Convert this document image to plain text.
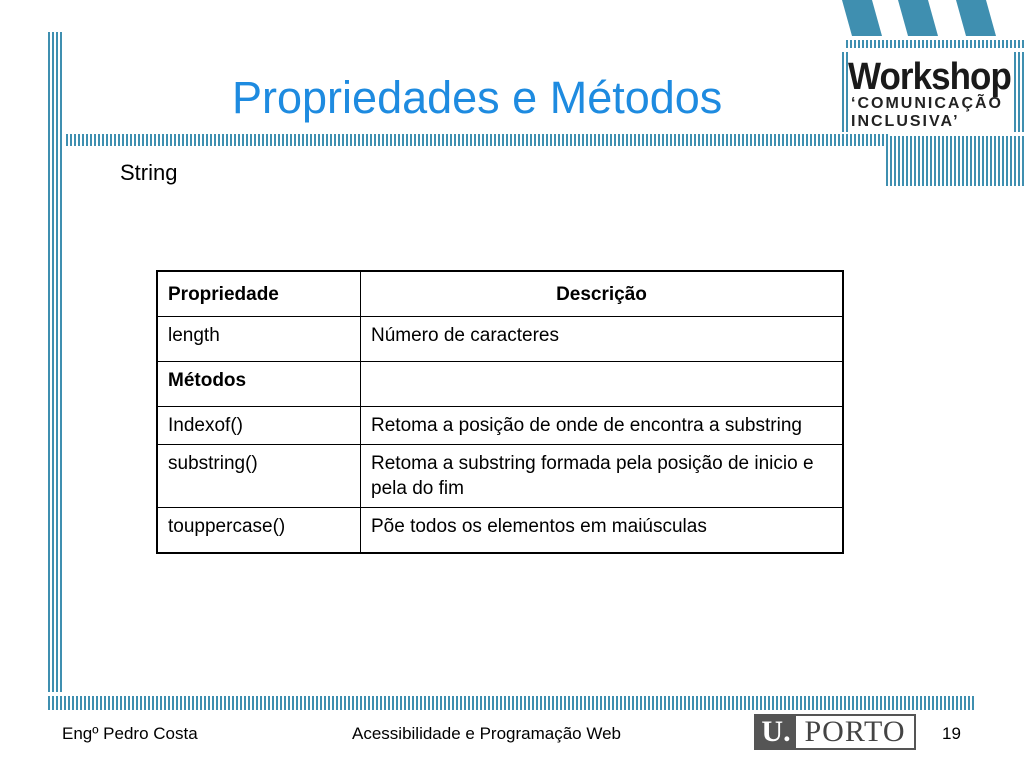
Workshop
‘COMUNICAÇÃO
INCLUSIVA’
Propriedades e Métodos
String
Propriedade	Descrição
length	Número de caracteres
Métodos	
Indexof()	Retoma a posição de onde de encontra a substring
substring()	Retoma a substring formada pela posição de inicio e pela do fim
touppercase()	Põe todos os elementos em maiúsculas
Engº Pedro Costa	Acessibilidade e Programação Web	U. PORTO	19
